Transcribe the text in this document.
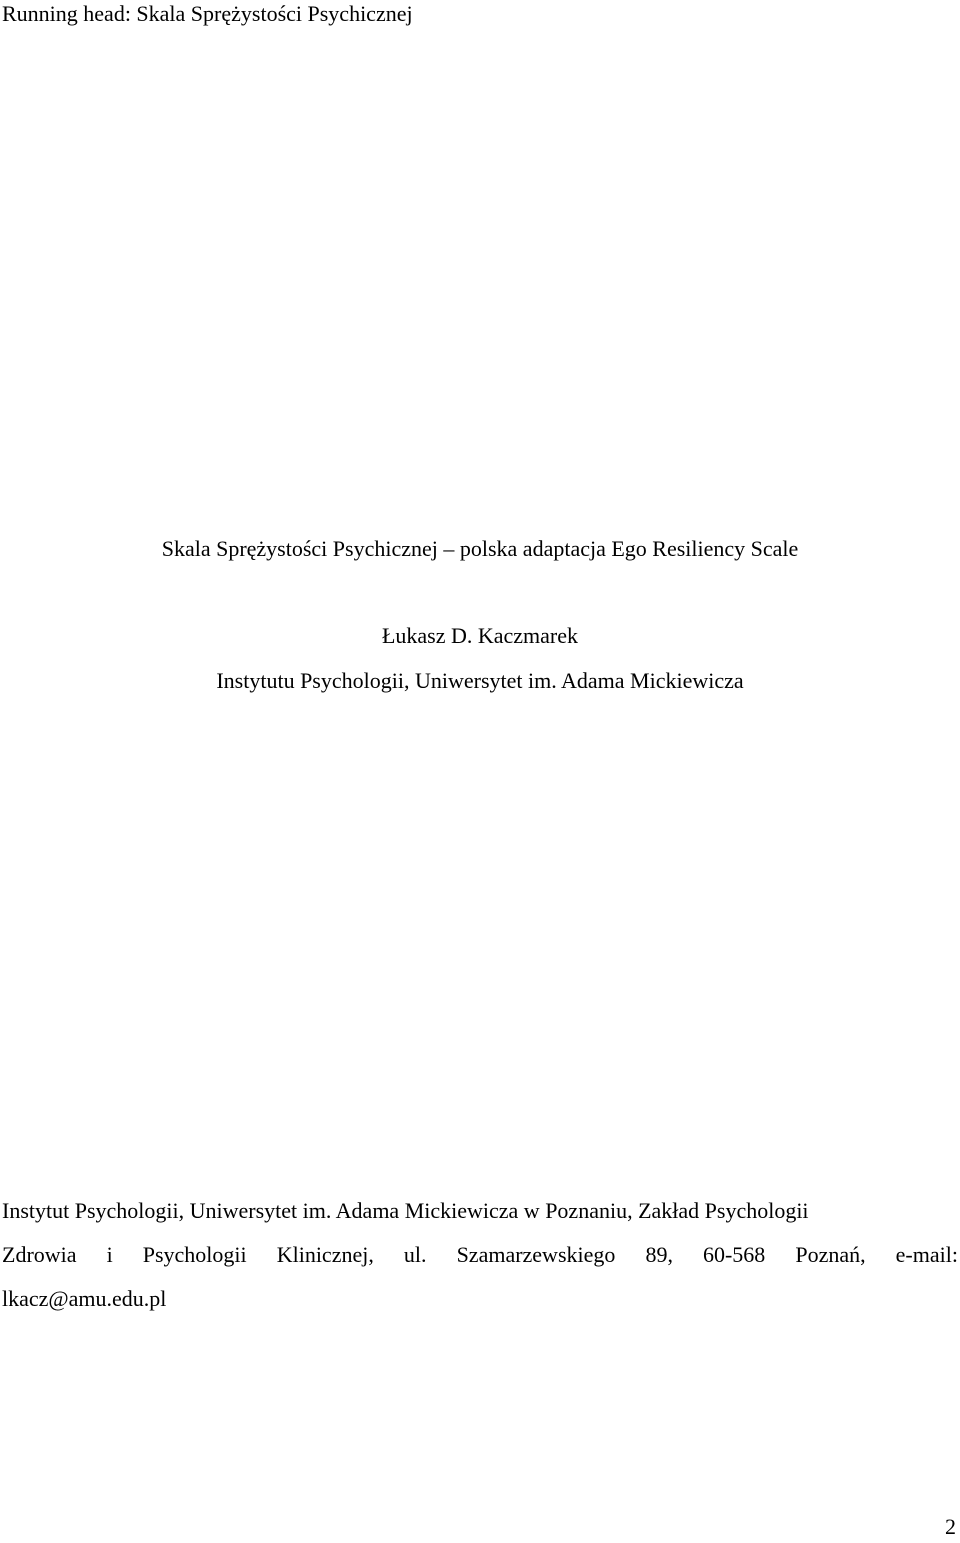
Running head: Skala Sprężystości Psychicznej
Skala Sprężystości Psychicznej – polska adaptacja Ego Resiliency Scale
Łukasz D. Kaczmarek
Instytutu Psychologii, Uniwersytet im. Adama Mickiewicza
Instytut Psychologii, Uniwersytet im. Adama Mickiewicza w Poznaniu, Zakład Psychologii
Zdrowia i Psychologii Klinicznej, ul. Szamarzewskiego 89, 60-568 Poznań, e-mail:
lkacz@amu.edu.pl
2
